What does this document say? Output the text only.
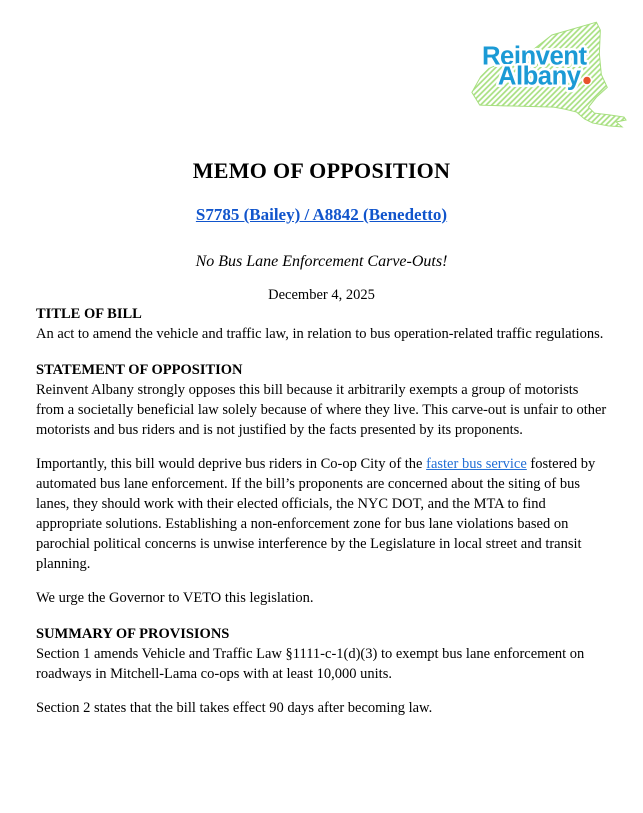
Reinvent
Albany
MEMO OF OPPOSITION
S7785 (Bailey) / A8842 (Benedetto)
No Bus Lane Enforcement Carve-Outs!
December 4, 2025
TITLE OF BILL

An act to amend the vehicle and traffic law, in relation to bus operation-related traffic regulations.

STATEMENT OF OPPOSITION

Reinvent Albany strongly opposes this bill because it arbitrarily exempts a group of motorists from a societally beneficial law solely because of where they live. This carve-out is unfair to other motorists and bus riders and is not justified by the facts presented by its proponents.

Importantly, this bill would deprive bus riders in Co-op City of the faster bus service fostered by automated bus lane enforcement. If the bill’s proponents are concerned about the siting of bus lanes, they should work with their elected officials, the NYC DOT, and the MTA to find appropriate solutions. Establishing a non-enforcement zone for bus lane violations based on parochial political concerns is unwise interference by the Legislature in local street and transit planning.

We urge the Governor to VETO this legislation.

SUMMARY OF PROVISIONS

Section 1 amends Vehicle and Traffic Law §1111-c-1(d)(3) to exempt bus lane enforcement on roadways in Mitchell-Lama co-ops with at least 10,000 units.

Section 2 states that the bill takes effect 90 days after becoming law.
